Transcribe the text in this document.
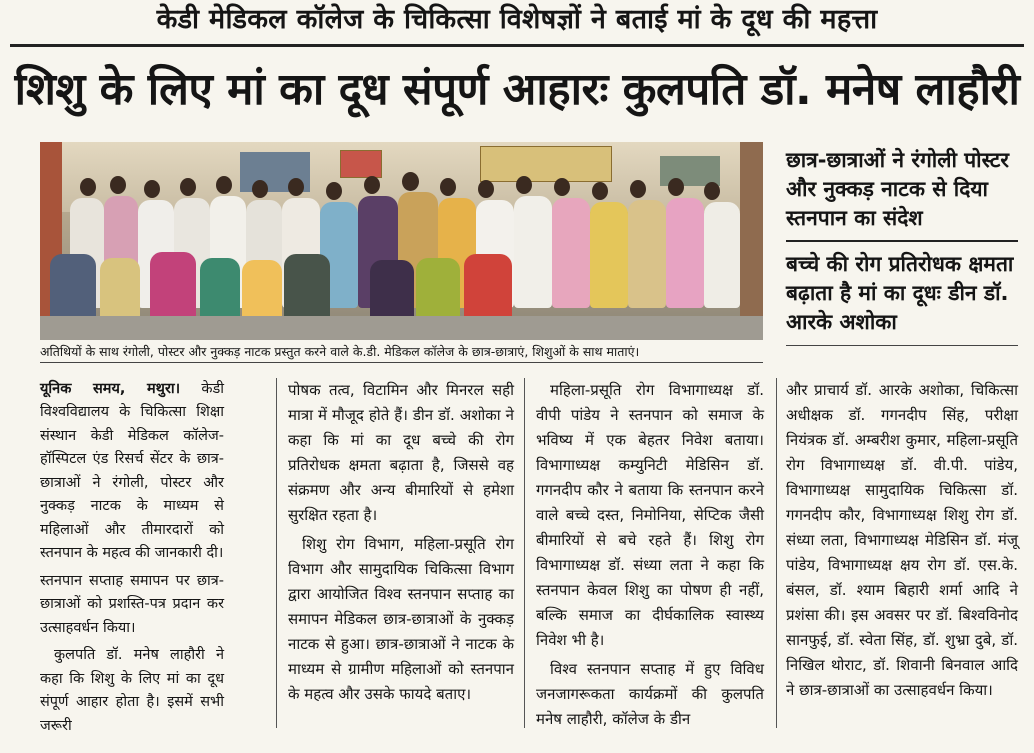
केडी मेडिकल कॉलेज के चिकित्सा विशेषज्ञों ने बताई मां के दूध की महत्ता
शिशु के लिए मां का दूध संपूर्ण आहारः कुलपति डॉ. मनेष लाहौरी
अतिथियों के साथ रंगोली, पोस्टर और नुक्कड़ नाटक प्रस्तुत करने वाले के.डी. मेडिकल कॉलेज के छात्र-छात्राएं, शिशुओं के साथ माताएं।
छात्र-छात्राओं ने रंगोली पोस्टर और नुक्कड़ नाटक से दिया स्तनपान का संदेश
बच्चे की रोग प्रतिरोधक क्षमता बढ़ाता है मां का दूधः डीन डॉ. आरके अशोका

यूनिक समय, मथुरा। केडी विश्वविद्यालय के चिकित्सा शिक्षा संस्थान केडी मेडिकल कॉलेज-हॉस्पिटल एंड रिसर्च सेंटर के छात्र-छात्राओं ने रंगोली, पोस्टर और नुक्कड़ नाटक के माध्यम से महिलाओं और तीमारदारों को स्तनपान के महत्व की जानकारी दी।

स्तनपान सप्ताह समापन पर छात्र-छात्राओं को प्रशस्ति-पत्र प्रदान कर उत्साहवर्धन किया।

कुलपति डॉ. मनेष लाहौरी ने कहा कि शिशु के लिए मां का दूध संपूर्ण आहार होता है। इसमें सभी जरूरी

पोषक तत्व, विटामिन और मिनरल सही मात्रा में मौजूद होते हैं। डीन डॉ. अशोका ने कहा कि मां का दूध बच्चे की रोग प्रतिरोधक क्षमता बढ़ाता है, जिससे वह संक्रमण और अन्य बीमारियों से हमेशा सुरक्षित रहता है।

शिशु रोग विभाग, महिला-प्रसूति रोग विभाग और सामुदायिक चिकित्सा विभाग द्वारा आयोजित विश्व स्तनपान सप्ताह का समापन मेडिकल छात्र-छात्राओं के नुक्कड़ नाटक से हुआ। छात्र-छात्राओं ने नाटक के माध्यम से ग्रामीण महिलाओं को स्तनपान के महत्व और उसके फायदे बताए।

महिला-प्रसूति रोग विभागाध्यक्ष डॉ. वीपी पांडेय ने स्तनपान को समाज के भविष्य में एक बेहतर निवेश बताया। विभागाध्यक्ष कम्युनिटी मेडिसिन डॉ. गगनदीप कौर ने बताया कि स्तनपान करने वाले बच्चे दस्त, निमोनिया, सेप्टिक जैसी बीमारियों से बचे रहते हैं। शिशु रोग विभागाध्यक्ष डॉ. संध्या लता ने कहा कि स्तनपान केवल शिशु का पोषण ही नहीं, बल्कि समाज का दीर्घकालिक स्वास्थ्य निवेश भी है।

विश्व स्तनपान सप्ताह में हुए विविध जनजागरूकता कार्यक्रमों की कुलपति मनेष लाहौरी, कॉलेज के डीन

और प्राचार्य डॉ. आरके अशोका, चिकित्सा अधीक्षक डॉ. गगनदीप सिंह, परीक्षा नियंत्रक डॉ. अम्बरीश कुमार, महिला-प्रसूति रोग विभागाध्यक्ष डॉ. वी.पी. पांडेय, विभागाध्यक्ष सामुदायिक चिकित्सा डॉ. गगनदीप कौर, विभागाध्यक्ष शिशु रोग डॉ. संध्या लता, विभागाध्यक्ष मेडिसिन डॉ. मंजू पांडेय, विभागाध्यक्ष क्षय रोग डॉ. एस.के. बंसल, डॉ. श्याम बिहारी शर्मा आदि ने प्रशंसा की। इस अवसर पर डॉ. बिश्वविनोद सानफुई, डॉ. स्वेता सिंह, डॉ. शुभ्रा दुबे, डॉ. निखिल थोराट, डॉ. शिवानी बिनवाल आदि ने छात्र-छात्राओं का उत्साहवर्धन किया।
